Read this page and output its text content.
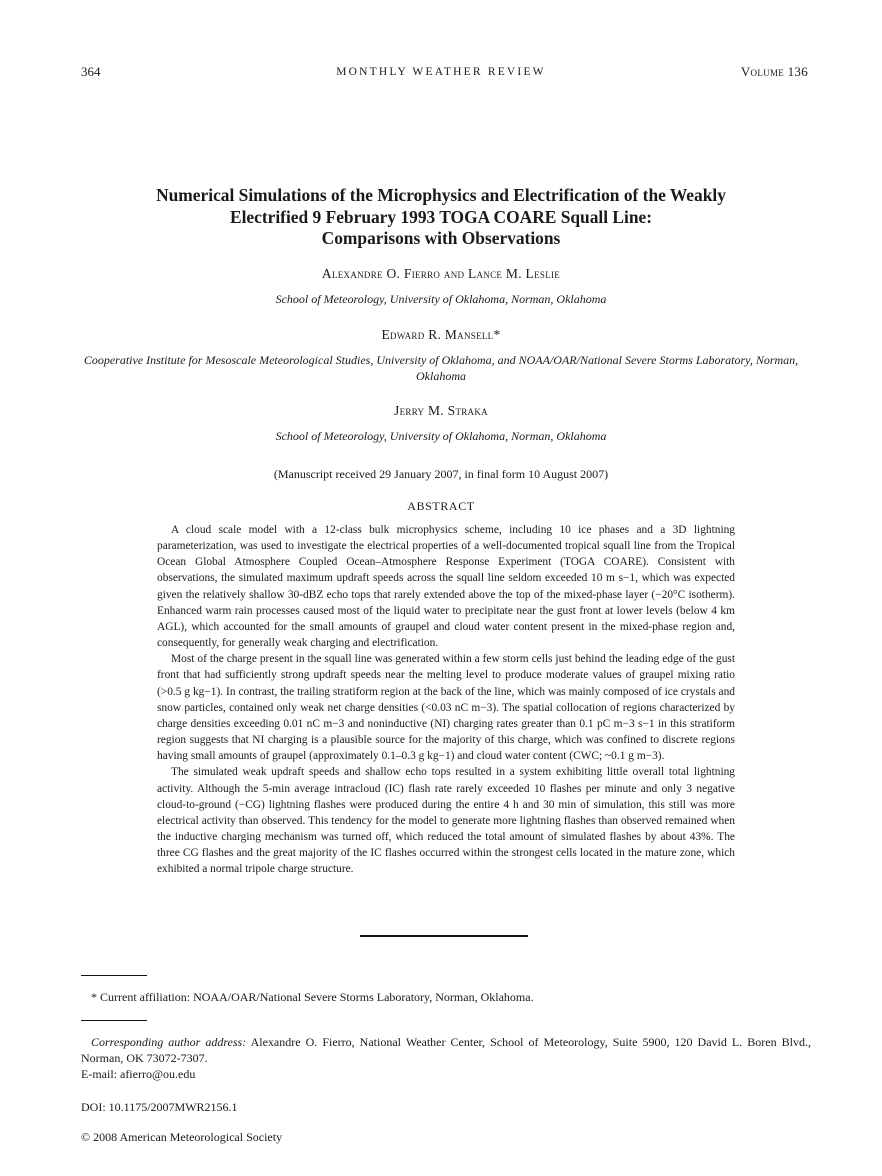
364	MONTHLY WEATHER REVIEW	Volume 136
Numerical Simulations of the Microphysics and Electrification of the Weakly
Electrified 9 February 1993 TOGA COARE Squall Line:
Comparisons with Observations
Alexandre O. Fierro and Lance M. Leslie
School of Meteorology, University of Oklahoma, Norman, Oklahoma
Edward R. Mansell*
Cooperative Institute for Mesoscale Meteorological Studies, University of Oklahoma, and NOAA/OAR/National Severe Storms Laboratory, Norman, Oklahoma
Jerry M. Straka
School of Meteorology, University of Oklahoma, Norman, Oklahoma
(Manuscript received 29 January 2007, in final form 10 August 2007)
ABSTRACT

A cloud scale model with a 12-class bulk microphysics scheme, including 10 ice phases and a 3D lightning parameterization, was used to investigate the electrical properties of a well-documented tropical squall line from the Tropical Ocean Global Atmosphere Coupled Ocean–Atmosphere Response Experiment (TOGA COARE). Consistent with observations, the simulated maximum updraft speeds across the squall line seldom exceeded 10 m s−1, which was expected given the relatively shallow 30-dBZ echo tops that rarely extended above the top of the mixed-phase layer (−20°C isotherm). Enhanced warm rain processes caused most of the liquid water to precipitate near the gust front at lower levels (below 4 km AGL), which accounted for the small amounts of graupel and cloud water content present in the mixed-phase region and, consequently, for generally weak charging and electrification.

Most of the charge present in the squall line was generated within a few storm cells just behind the leading edge of the gust front that had sufficiently strong updraft speeds near the melting level to produce moderate values of graupel mixing ratio (>0.5 g kg−1). In contrast, the trailing stratiform region at the back of the line, which was mainly composed of ice crystals and snow particles, contained only weak net charge densities (<0.03 nC m−3). The spatial collocation of regions characterized by charge densities exceeding 0.01 nC m−3 and noninductive (NI) charging rates greater than 0.1 pC m−3 s−1 in this stratiform region suggests that NI charging is a plausible source for the majority of this charge, which was confined to discrete regions having small amounts of graupel (approximately 0.1–0.3 g kg−1) and cloud water content (CWC; ~0.1 g m−3).

The simulated weak updraft speeds and shallow echo tops resulted in a system exhibiting little overall total lightning activity. Although the 5-min average intracloud (IC) flash rate rarely exceeded 10 flashes per minute and only 3 negative cloud-to-ground (−CG) lightning flashes were produced during the entire 4 h and 30 min of simulation, this still was more electrical activity than observed. This tendency for the model to generate more lightning flashes than observed remained when the inductive charging mechanism was turned off, which reduced the total amount of simulated flashes by about 43%. The three CG flashes and the great majority of the IC flashes occurred within the strongest cells located in the mature zone, which exhibited a normal tripole charge structure.

* Current affiliation: NOAA/OAR/National Severe Storms Laboratory, Norman, Oklahoma.
Corresponding author address: Alexandre O. Fierro, National Weather Center, School of Meteorology, Suite 5900, 120 David L. Boren Blvd., Norman, OK 73072-7307.
E-mail: afierro@ou.edu
DOI: 10.1175/2007MWR2156.1
© 2008 American Meteorological Society
